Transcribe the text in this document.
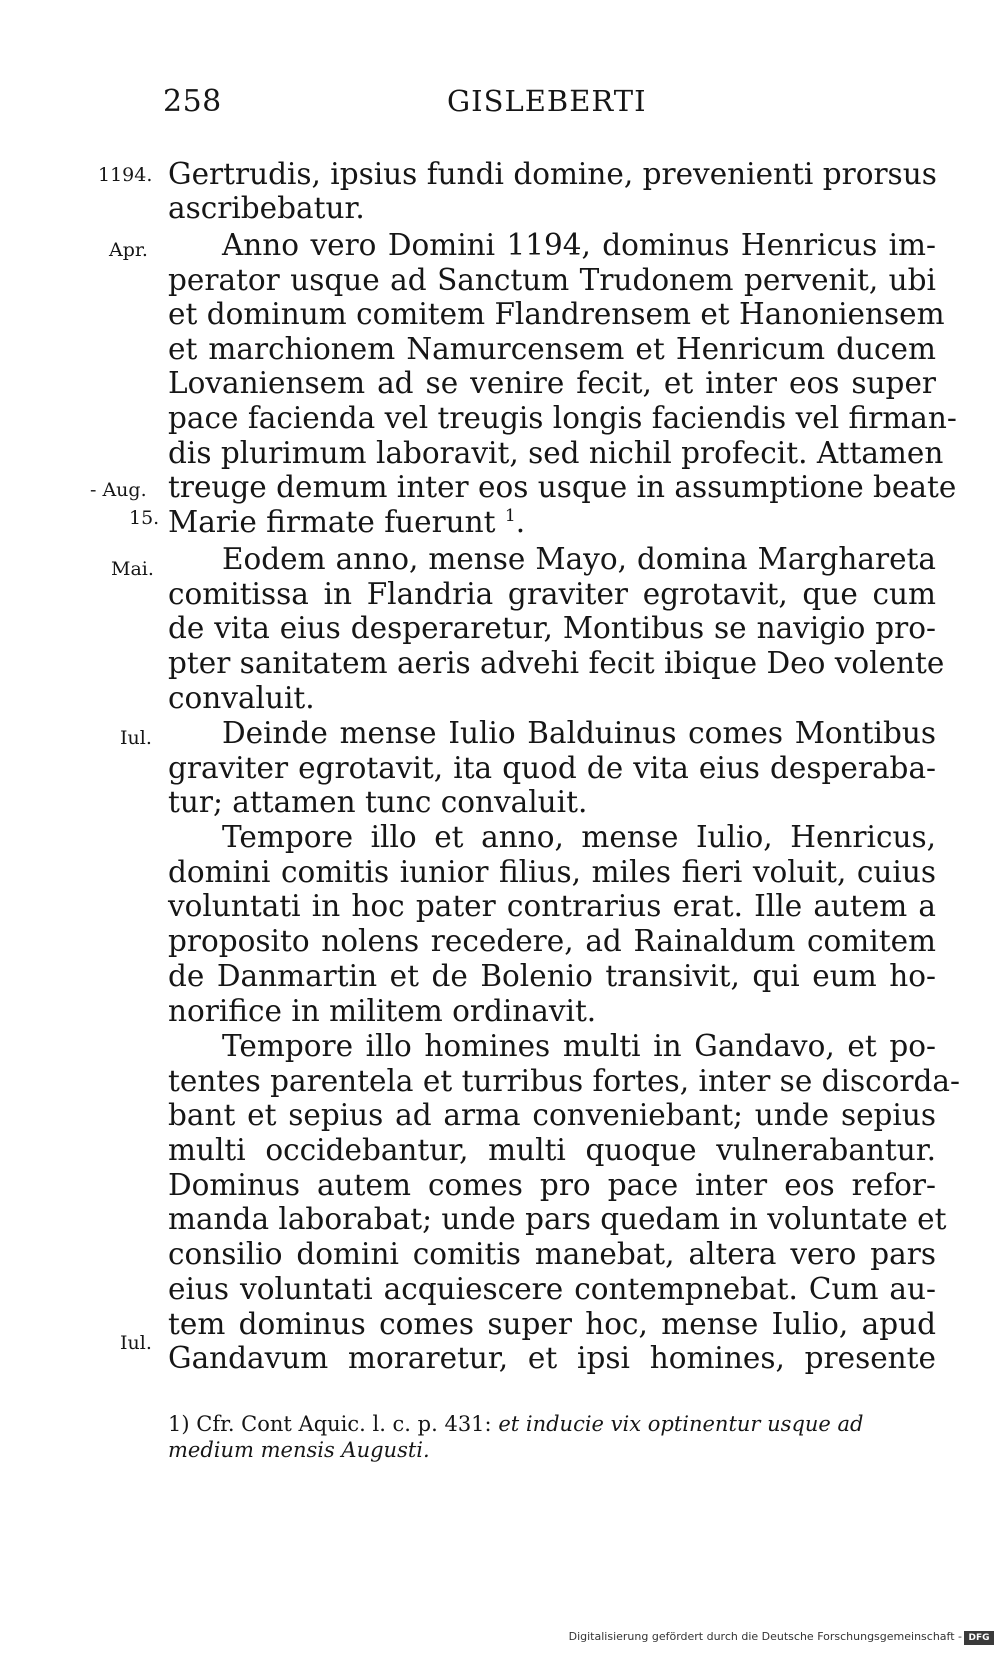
258	GISLEBERTI
1194.
Apr.
- Aug.
15.
Mai.
Iul.
Iul.
Gertrudis, ipsius fundi domine, prevenienti prorsus
ascribebatur.
Anno vero Domini 1194, dominus Henricus im-
perator usque ad Sanctum Trudonem pervenit, ubi
et dominum comitem Flandrensem et Hanoniensem
et marchionem Namurcensem et Henricum ducem
Lovaniensem ad se venire fecit, et inter eos super
pace facienda vel treugis longis faciendis vel firman-
dis plurimum laboravit, sed nichil profecit. Attamen
treuge demum inter eos usque in assumptione beate
Marie firmate fuerunt $^1$.
Eodem anno, mense Mayo, domina Marghareta
comitissa in Flandria graviter egrotavit, que cum
de vita eius desperaretur, Montibus se navigio pro-
pter sanitatem aeris advehi fecit ibique Deo volente
convaluit.
Deinde mense Iulio Balduinus comes Montibus
graviter egrotavit, ita quod de vita eius desperaba-
tur; attamen tunc convaluit.
Tempore illo et anno, mense Iulio, Henricus,
domini comitis iunior filius, miles fieri voluit, cuius
voluntati in hoc pater contrarius erat. Ille autem a
proposito nolens recedere, ad Rainaldum comitem
de Danmartin et de Bolenio transivit, qui eum ho-
norifice in militem ordinavit.
Tempore illo homines multi in Gandavo, et po-
tentes parentela et turribus fortes, inter se discorda-
bant et sepius ad arma conveniebant; unde sepius
multi occidebantur, multi quoque vulnerabantur.
Dominus autem comes pro pace inter eos refor-
manda laborabat; unde pars quedam in voluntate et
consilio domini comitis manebat, altera vero pars
eius voluntati acquiescere contempnebat. Cum au-
tem dominus comes super hoc, mense Iulio, apud
Gandavum moraretur, et ipsi homines, presente
1) Cfr. Cont Aquic. l. c. p. 431: et inducie vix optinentur usque ad
medium mensis Augusti.
Digitalisierung gefördert durch die Deutsche Forschungsgemeinschaft - DFG
